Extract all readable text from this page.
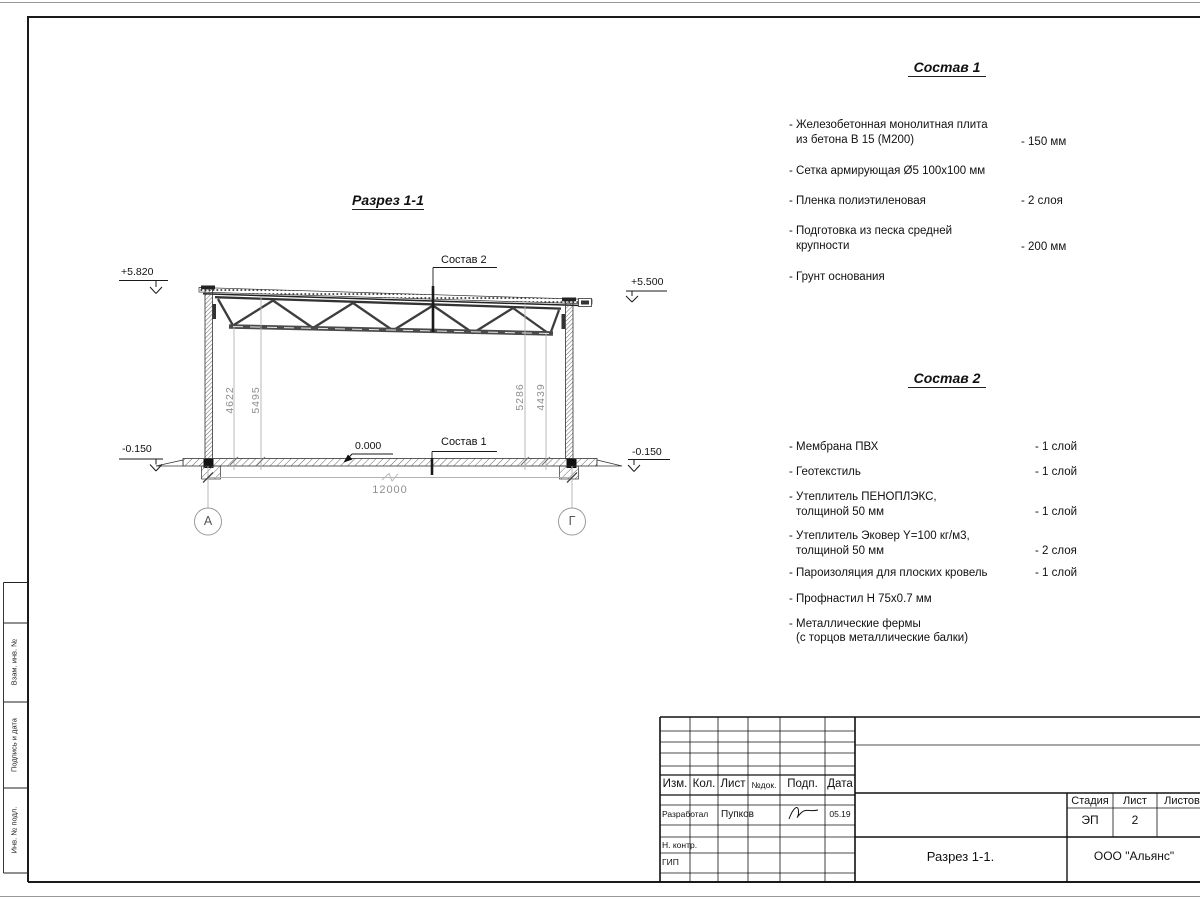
Разрез 1-1
+5.820
+5.500
-0.150	-0.150
0.000
Состав 2
Состав 1
12000
4622 5495	5286 4439
А	Г
Состав 1
- Железобетонная монолитная плита
из бетона В 15 (М200)	- 150 мм
- Сетка армирующая Ø5 100х100 мм
- Пленка полиэтиленовая	- 2 слоя
- Подготовка из песка средней
крупности	- 200 мм
- Грунт основания
Состав 2
- Мембрана ПВХ	- 1 слой
- Геотекстиль	- 1 слой
- Утеплитель ПЕНОПЛЭКС,
толщиной 50 мм	- 1 слой
- Утеплитель Эковер Y=100 кг/м3,
толщиной 50 мм	- 2 слоя
- Пароизоляция для плоских кровель	- 1 слой
- Профнастил Н 75х0.7 мм
- Металлические фермы
(с торцов металлические балки)
Взам. инв. №
Подпись и дата
Инв. № подл.
Изм. Кол. Лист №док. Подп. Дата
Разработал Пупков	05.19
Н. контр.
ГИП
Стадия	Лист	Листов
ЭП	2
Разрез 1-1.	ООО "Альянс"
